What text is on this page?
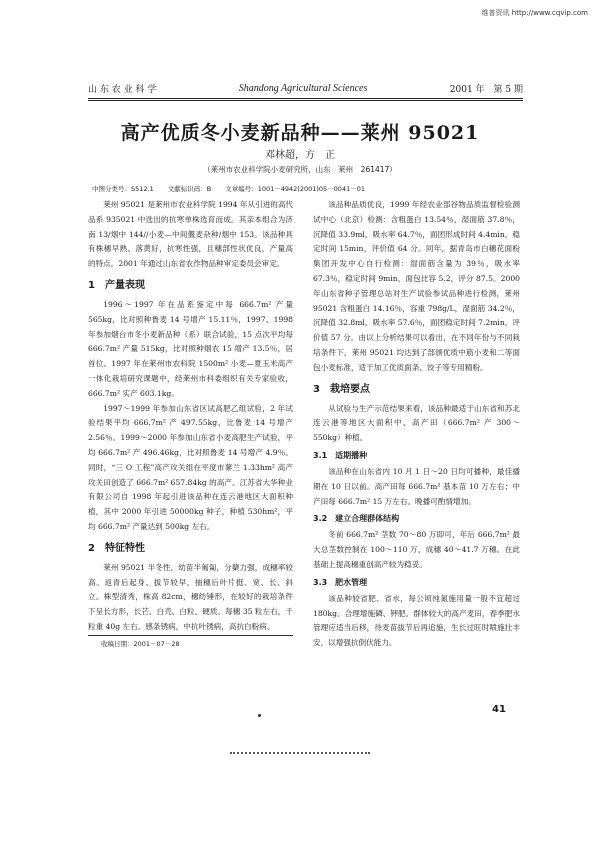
维普资讯 http://www.cqvip.com
山 东 农 业 科 学	Shandong Agricultural Sciences	2001 年　第 5 期
高产优质冬小麦新品种——莱州 95021
邓林超，方　正
（莱州市农业科学院小麦研究所，山东　莱州　261417）
中图分类号：S512.1 文献标识码：B 文章编号：1001－4942(2001)05－0041－01

莱州 95021 是莱州市农业科学院 1994 年从引进的高代品系 935021 中选出的抗寒单株选育而成。其亲本组合为济南 13/烟中 144//小麦—中间偃麦杂种/烟中 153。该品种具有株穗早熟、落黄好，抗寒性强，且穗部性状优良，产量高的特点。2001 年通过山东省农作物品种审定委员会审定。

1　产量表现

1996～1997 年在品系鉴定中每 666.7m² 产量 565kg，比对照种鲁麦 14 号增产 15.11％，1997、1998 年参加烟台市冬小麦新品种（系）联合试验，15 点次平均每 666.7m² 产量 515kg，比对照种烟农 15 增产 13.5％，居首位。1997 年在莱州市农科院 1500m² 小麦—夏玉米高产一体化栽培研究课题中，经莱州市科委组织有关专家验收，666.7m² 实产 603.1kg。

1997～1999 年参加山东省区试高肥乙组试验，2 年试验结果平均 666.7m² 产 497.55kg，比鲁麦 14 号增产 2.56％。1999～2000 年参加山东省小麦高肥生产试验，平均 666.7m² 产 496.46kg，比对照鲁麦 14 号增产 4.9％。同时，“三 O 工程”高产攻关组在平度市蓼兰 1.33hm² 高产攻关田创造了 666.7m² 657.84kg 的高产。江苏省大华种业有限公司自 1998 年起引进该品种在连云港地区大面积种植，其中 2000 年引进 50000kg 种子，种植 530hm²，平均 666.7m² 产量达到 500kg 左右。

2　特征特性

莱州 95021 半冬性，幼苗半匍匐，分蘖力强，成穗率较高。返青后起身、拔节较早，抽穗后叶片挺、宽、长、斜立。株型清秀，株高 82cm，穗纺锤形，在较好的栽培条件下呈长方形，长芒、白壳、白粒、硬质。每穗 35 粒左右，千粒重 40g 左右。感条锈病，中抗叶锈病，高抗白粉病。

收稿日期：2001－07－28

该品种品质优良，1999 年经农业部谷物品质监督检验测试中心（北京）检测：含粗蛋白 13.54％，湿面筋 37.8％，沉降值 33.9ml，吸水率 64.7％，面团形成时间 4.4min，稳定时间 15min，评价值 64 分。同年，据青岛市白穗花面粉集团开发中心自行检测：湿面筋含量为 39％，吸水率 67.3％，稳定时间 9min，面包比容 5.2，评分 87.5。2000 年山东省种子管理总站对生产试验参试品种进行检测，莱州 95021 含粗蛋白 14.16％，容重 798g/L，湿面筋 34.2％，沉降值 32.8ml，吸水率 57.6％，面团稳定时间 7.2min，评价值 57 分。由以上分析结果可以看出，在不同年份与不同栽培条件下，莱州 95021 均达到了部颁优质中筋小麦和二等面包小麦标准，适于加工优质面条、饺子等专用精粉。

3　栽培要点

从试验与生产示范结果来看，该品种最适于山东省和苏北连云港等地区大面积中、高产田（666.7m² 产 300～550kg）种植。

3.1　适期播种

该品种在山东省内 10 月 1 日～20 日均可播种，最佳播期在 10 日以前。高产田每 666.7m² 基本苗 10 万左右；中产田每 666.7m² 15 万左右。晚播可酌情增加。

3.2　建立合理群体结构

冬前 666.7m² 茎数 70～80 万即可，年后 666.7m² 最大总茎数控制在 100～110 万，成穗 40～41.7 万穗。在此基础上提高穗重创高产较为稳妥。

3.3　肥水管理

该品种较省肥、省水，每公顷纯氮施用量一般不宜超过 180kg。合理增施磷、钾肥。群体较大的高产麦田，春季肥水管理应适当后移，待麦苗拔节后再追施，生长过旺时喷施壮丰安，以增强抗倒伏能力。

41
